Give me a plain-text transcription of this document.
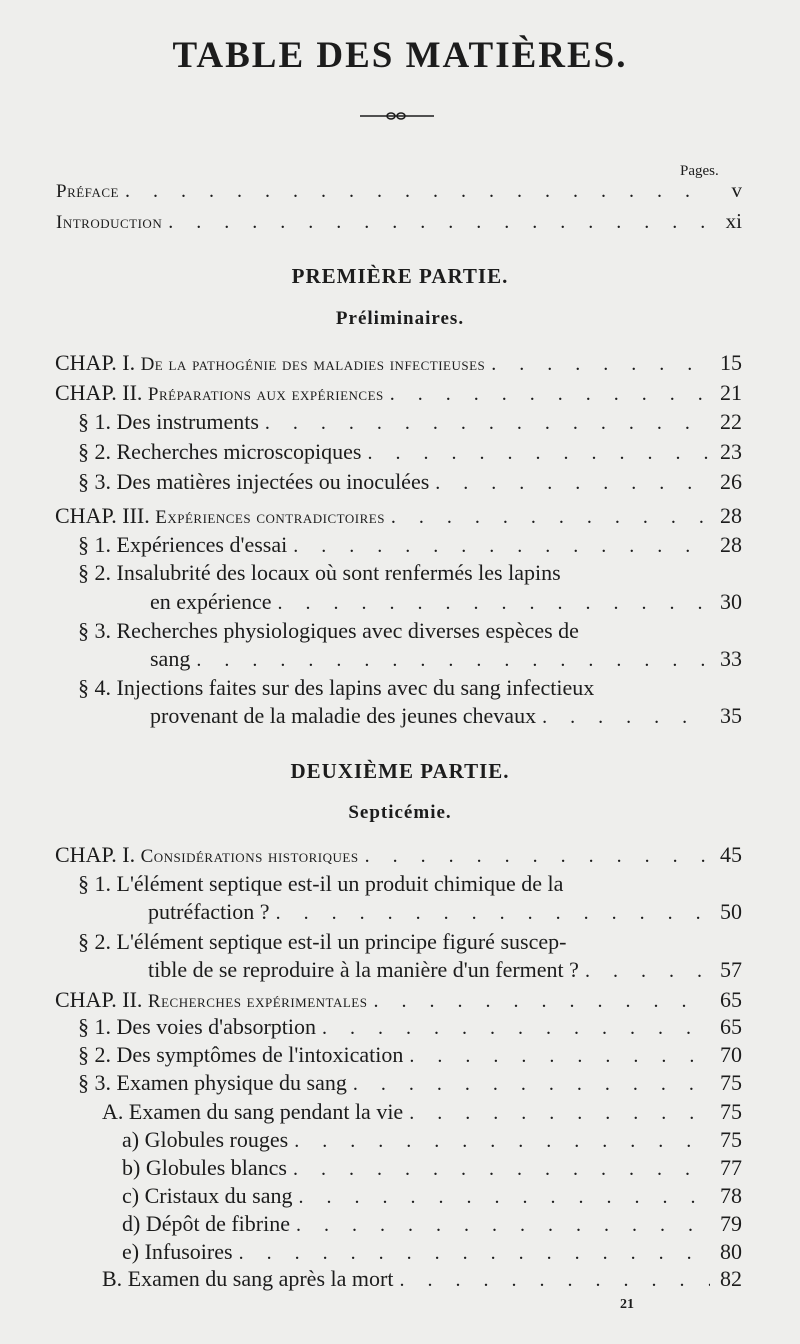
TABLE DES MATIÈRES.
Pages.
Préface . . .	v
Introduction . . .	xi
PREMIÈRE PARTIE.
Préliminaires.
CHAP. I. De la pathogénie des maladies infectieuses . . .	15
CHAP. II. Préparations aux expériences . . .	21
§ 1. Des instruments . . .	22
§ 2. Recherches microscopiques . . .	23
§ 3. Des matières injectées ou inoculées . . .	26
CHAP. III. Expériences contradictoires . . .	28
§ 1. Expériences d'essai . . .	28
§ 2. Insalubrité des locaux où sont renfermés les lapins
en expérience . . .	30
§ 3. Recherches physiologiques avec diverses espèces de
sang . . .	33
§ 4. Injections faites sur des lapins avec du sang infectieux
provenant de la maladie des jeunes chevaux . . .	35
DEUXIÈME PARTIE.
Septicémie.
CHAP. I. Considérations historiques . . .	45
§ 1. L'élément septique est-il un produit chimique de la
putréfaction ? . . .	50
§ 2. L'élément septique est-il un principe figuré suscep-
tible de se reproduire à la manière d'un ferment ? . . .	57
CHAP. II. Recherches expérimentales . . .	65
§ 1. Des voies d'absorption . . .	65
§ 2. Des symptômes de l'intoxication . . .	70
§ 3. Examen physique du sang . . .	75
A. Examen du sang pendant la vie . . .	75
a) Globules rouges . . .	75
b) Globules blancs . . .	77
c) Cristaux du sang . . .	78
d) Dépôt de fibrine . . .	79
e) Infusoires . . .	80
B. Examen du sang après la mort . . .	82
21
